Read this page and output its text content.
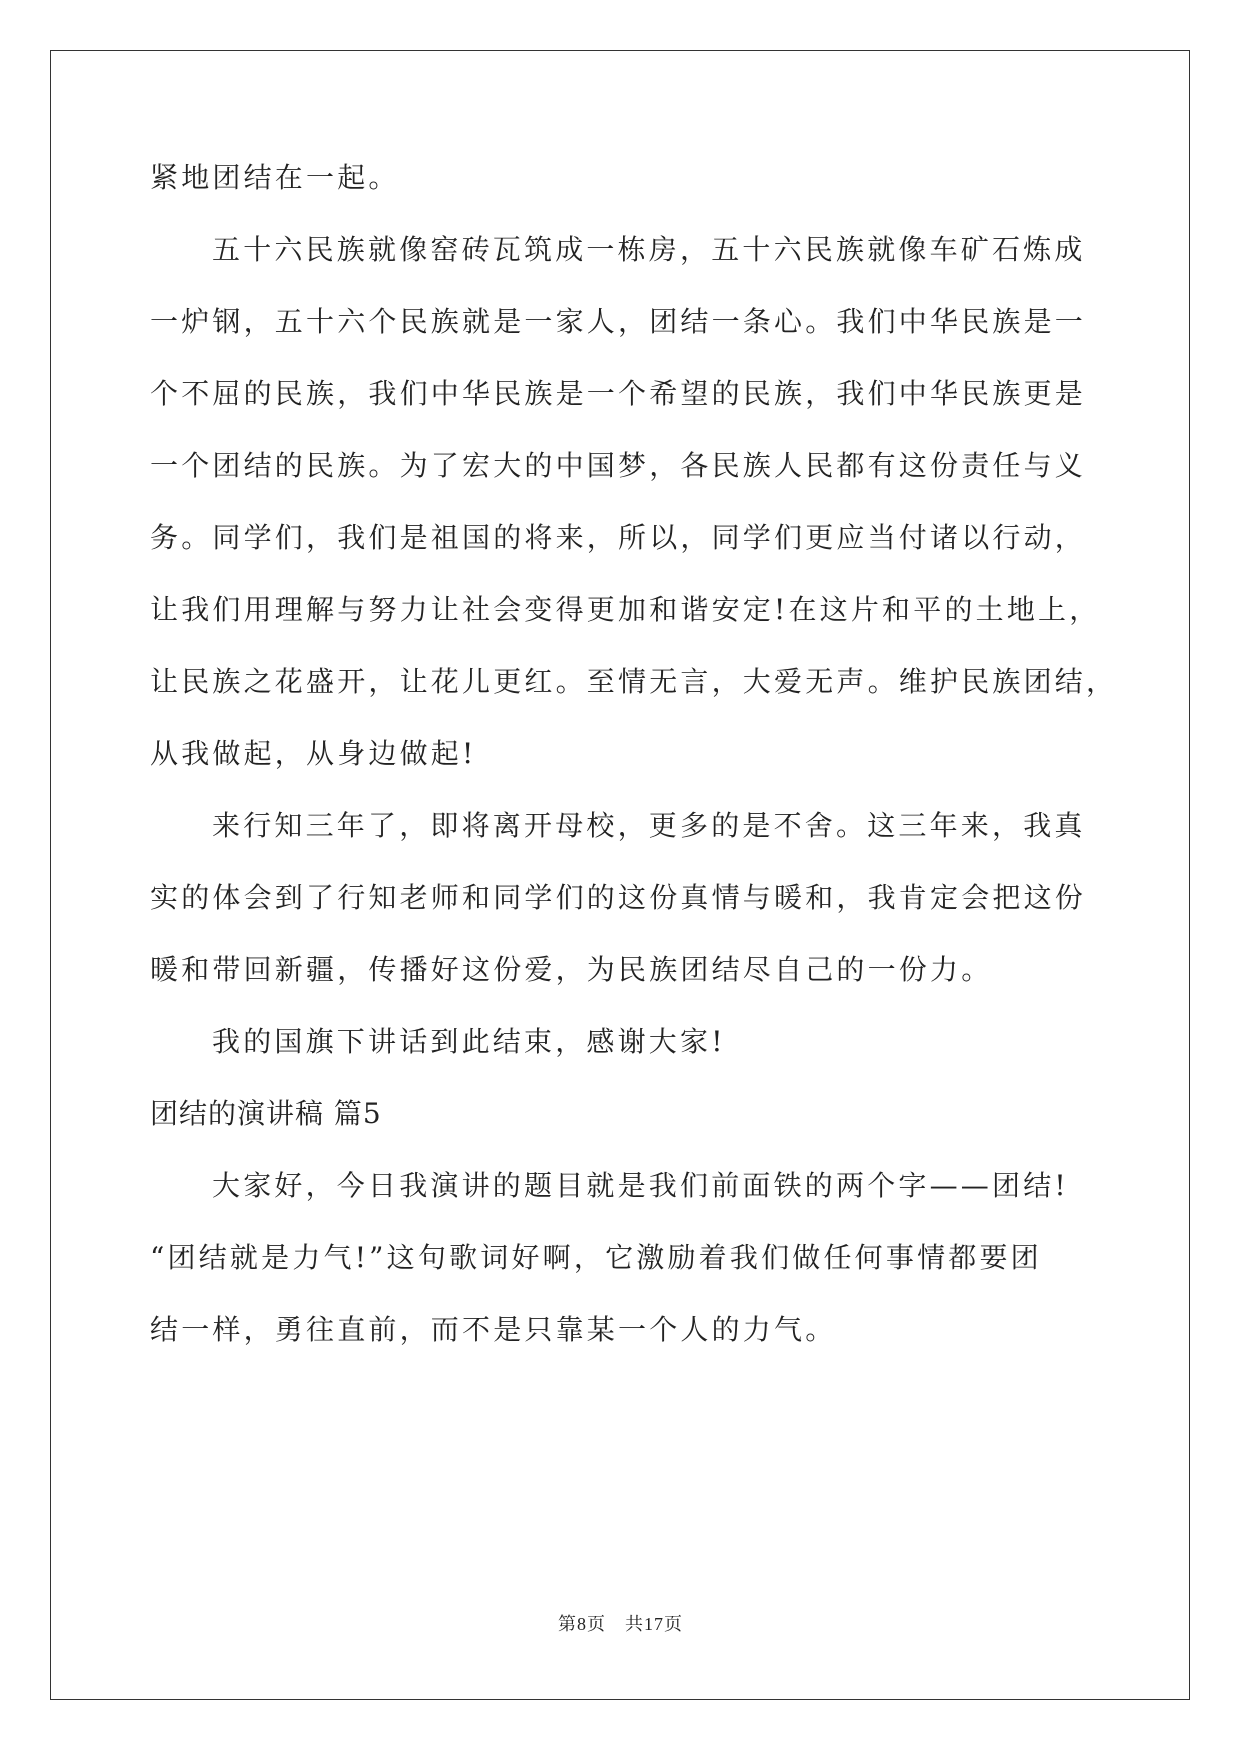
紧地团结在一起。
五十六民族就像窑砖瓦筑成一栋房，五十六民族就像车矿石炼成
一炉钢，五十六个民族就是一家人，团结一条心。我们中华民族是一
个不屈的民族，我们中华民族是一个希望的民族，我们中华民族更是
一个团结的民族。为了宏大的中国梦，各民族人民都有这份责任与义
务。同学们，我们是祖国的将来，所以，同学们更应当付诸以行动，
让我们用理解与努力让社会变得更加和谐安定!在这片和平的土地上，
让民族之花盛开，让花儿更红。至情无言，大爱无声。维护民族团结，
从我做起，从身边做起!
来行知三年了，即将离开母校，更多的是不舍。这三年来，我真
实的体会到了行知老师和同学们的这份真情与暖和，我肯定会把这份
暖和带回新疆，传播好这份爱，为民族团结尽自己的一份力。
我的国旗下讲话到此结束，感谢大家!
团结的演讲稿 篇5
大家好，今日我演讲的题目就是我们前面铁的两个字——团结!
“团结就是力气!”这句歌词好啊，它激励着我们做任何事情都要团
结一样，勇往直前，而不是只靠某一个人的力气。
第8页　共17页
